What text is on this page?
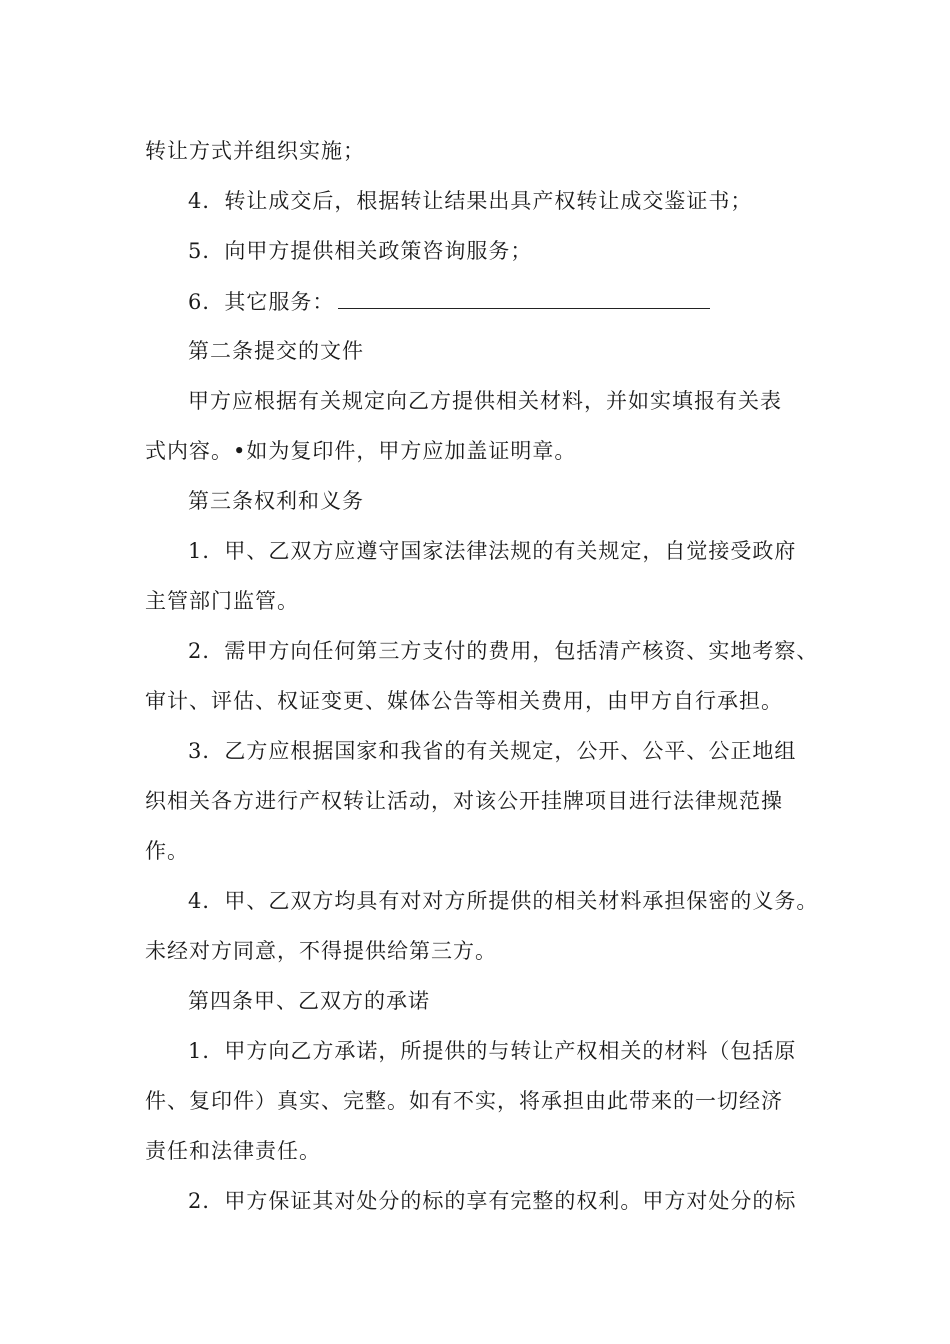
转让方式并组织实施；
4．转让成交后，根据转让结果出具产权转让成交鉴证书；
5．向甲方提供相关政策咨询服务；
6．其它服务：
第二条提交的文件
甲方应根据有关规定向乙方提供相关材料，并如实填报有关表
式内容。•如为复印件，甲方应加盖证明章。
第三条权利和义务
1．甲、乙双方应遵守国家法律法规的有关规定，自觉接受政府
主管部门监管。
2．需甲方向任何第三方支付的费用，包括清产核资、实地考察、
审计、评估、权证变更、媒体公告等相关费用，由甲方自行承担。
3．乙方应根据国家和我省的有关规定，公开、公平、公正地组
织相关各方进行产权转让活动，对该公开挂牌项目进行法律规范操
作。
4．甲、乙双方均具有对对方所提供的相关材料承担保密的义务。
未经对方同意，不得提供给第三方。
第四条甲、乙双方的承诺
1．甲方向乙方承诺，所提供的与转让产权相关的材料（包括原
件、复印件）真实、完整。如有不实，将承担由此带来的一切经济
责任和法律责任。
2．甲方保证其对处分的标的享有完整的权利。甲方对处分的标
